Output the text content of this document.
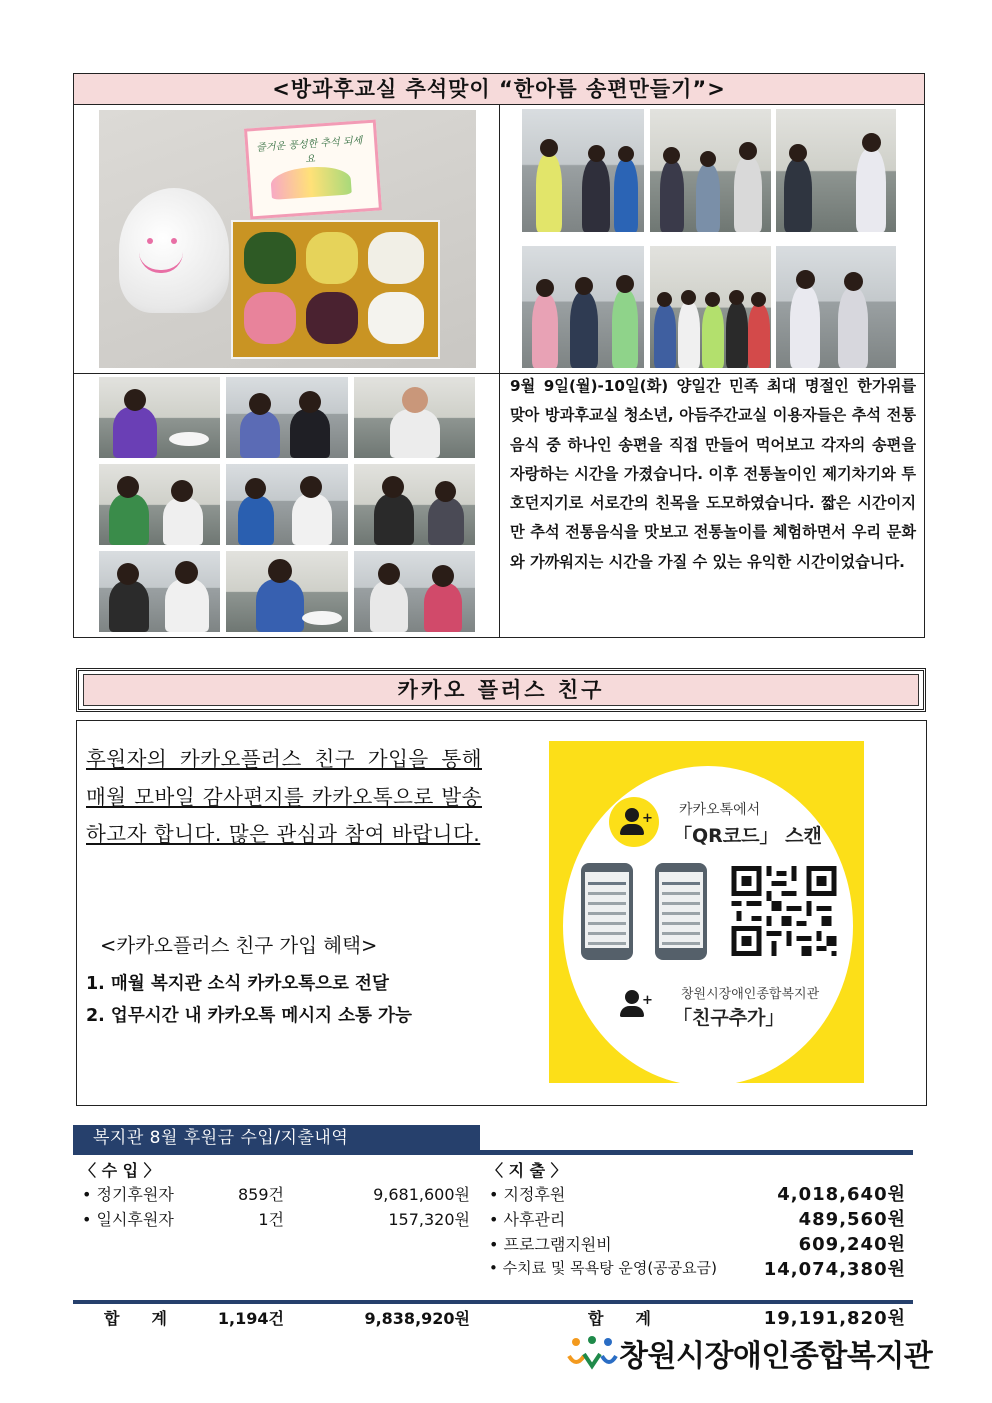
<방과후교실 추석맞이 “한아름 송편만들기”>
즐거운 풍성한 추석 되세요
9월 9일(월)-10일(화) 양일간 민족 최대 명절인 한가위를 맞아 방과후교실 청소년, 아듬주간교실 이용자들은 추석 전통음식 중 하나인 송편을 직접 만들어 먹어보고 각자의 송편을 자랑하는 시간을 가졌습니다. 이후 전통놀이인 제기차기와 투호던지기로 서로간의 친목을 도모하였습니다. 짧은 시간이지만 추석 전통음식을 맛보고 전통놀이를 체험하면서 우리 문화와 가까워지는 시간을 가질 수 있는 유익한 시간이었습니다.
카카오 플러스 친구
후원자의 카카오플러스 친구 가입을 통해 매월 모바일 감사편지를 카카오톡으로 발송하고자 합니다. 많은 관심과 참여 바랍니다.
<카카오플러스 친구 가입 혜택>
1. 매월 복지관 소식 카카오톡으로 전달
2. 업무시간 내 카카오톡 메시지 소통 가능
+
카카오톡에서
「QR코드」 스캔
+ 창원시장애인종합복지관
「친구추가」
복지관 8월 후원금 수입/지출내역
〈 수 입 〉	〈 지 출 〉
• 정기후원자	859건	9,681,600원
• 일시후원자	1건	157,320원
• 지정후원	4,018,640원
• 사후관리	489,560원
• 프로그램지원비	609,240원
• 수치료 및 목욕탕 운영(공공요금)	14,074,380원
합　　계	1,194건	9,838,920원	합　　계	19,191,820원
창원시장애인종합복지관
